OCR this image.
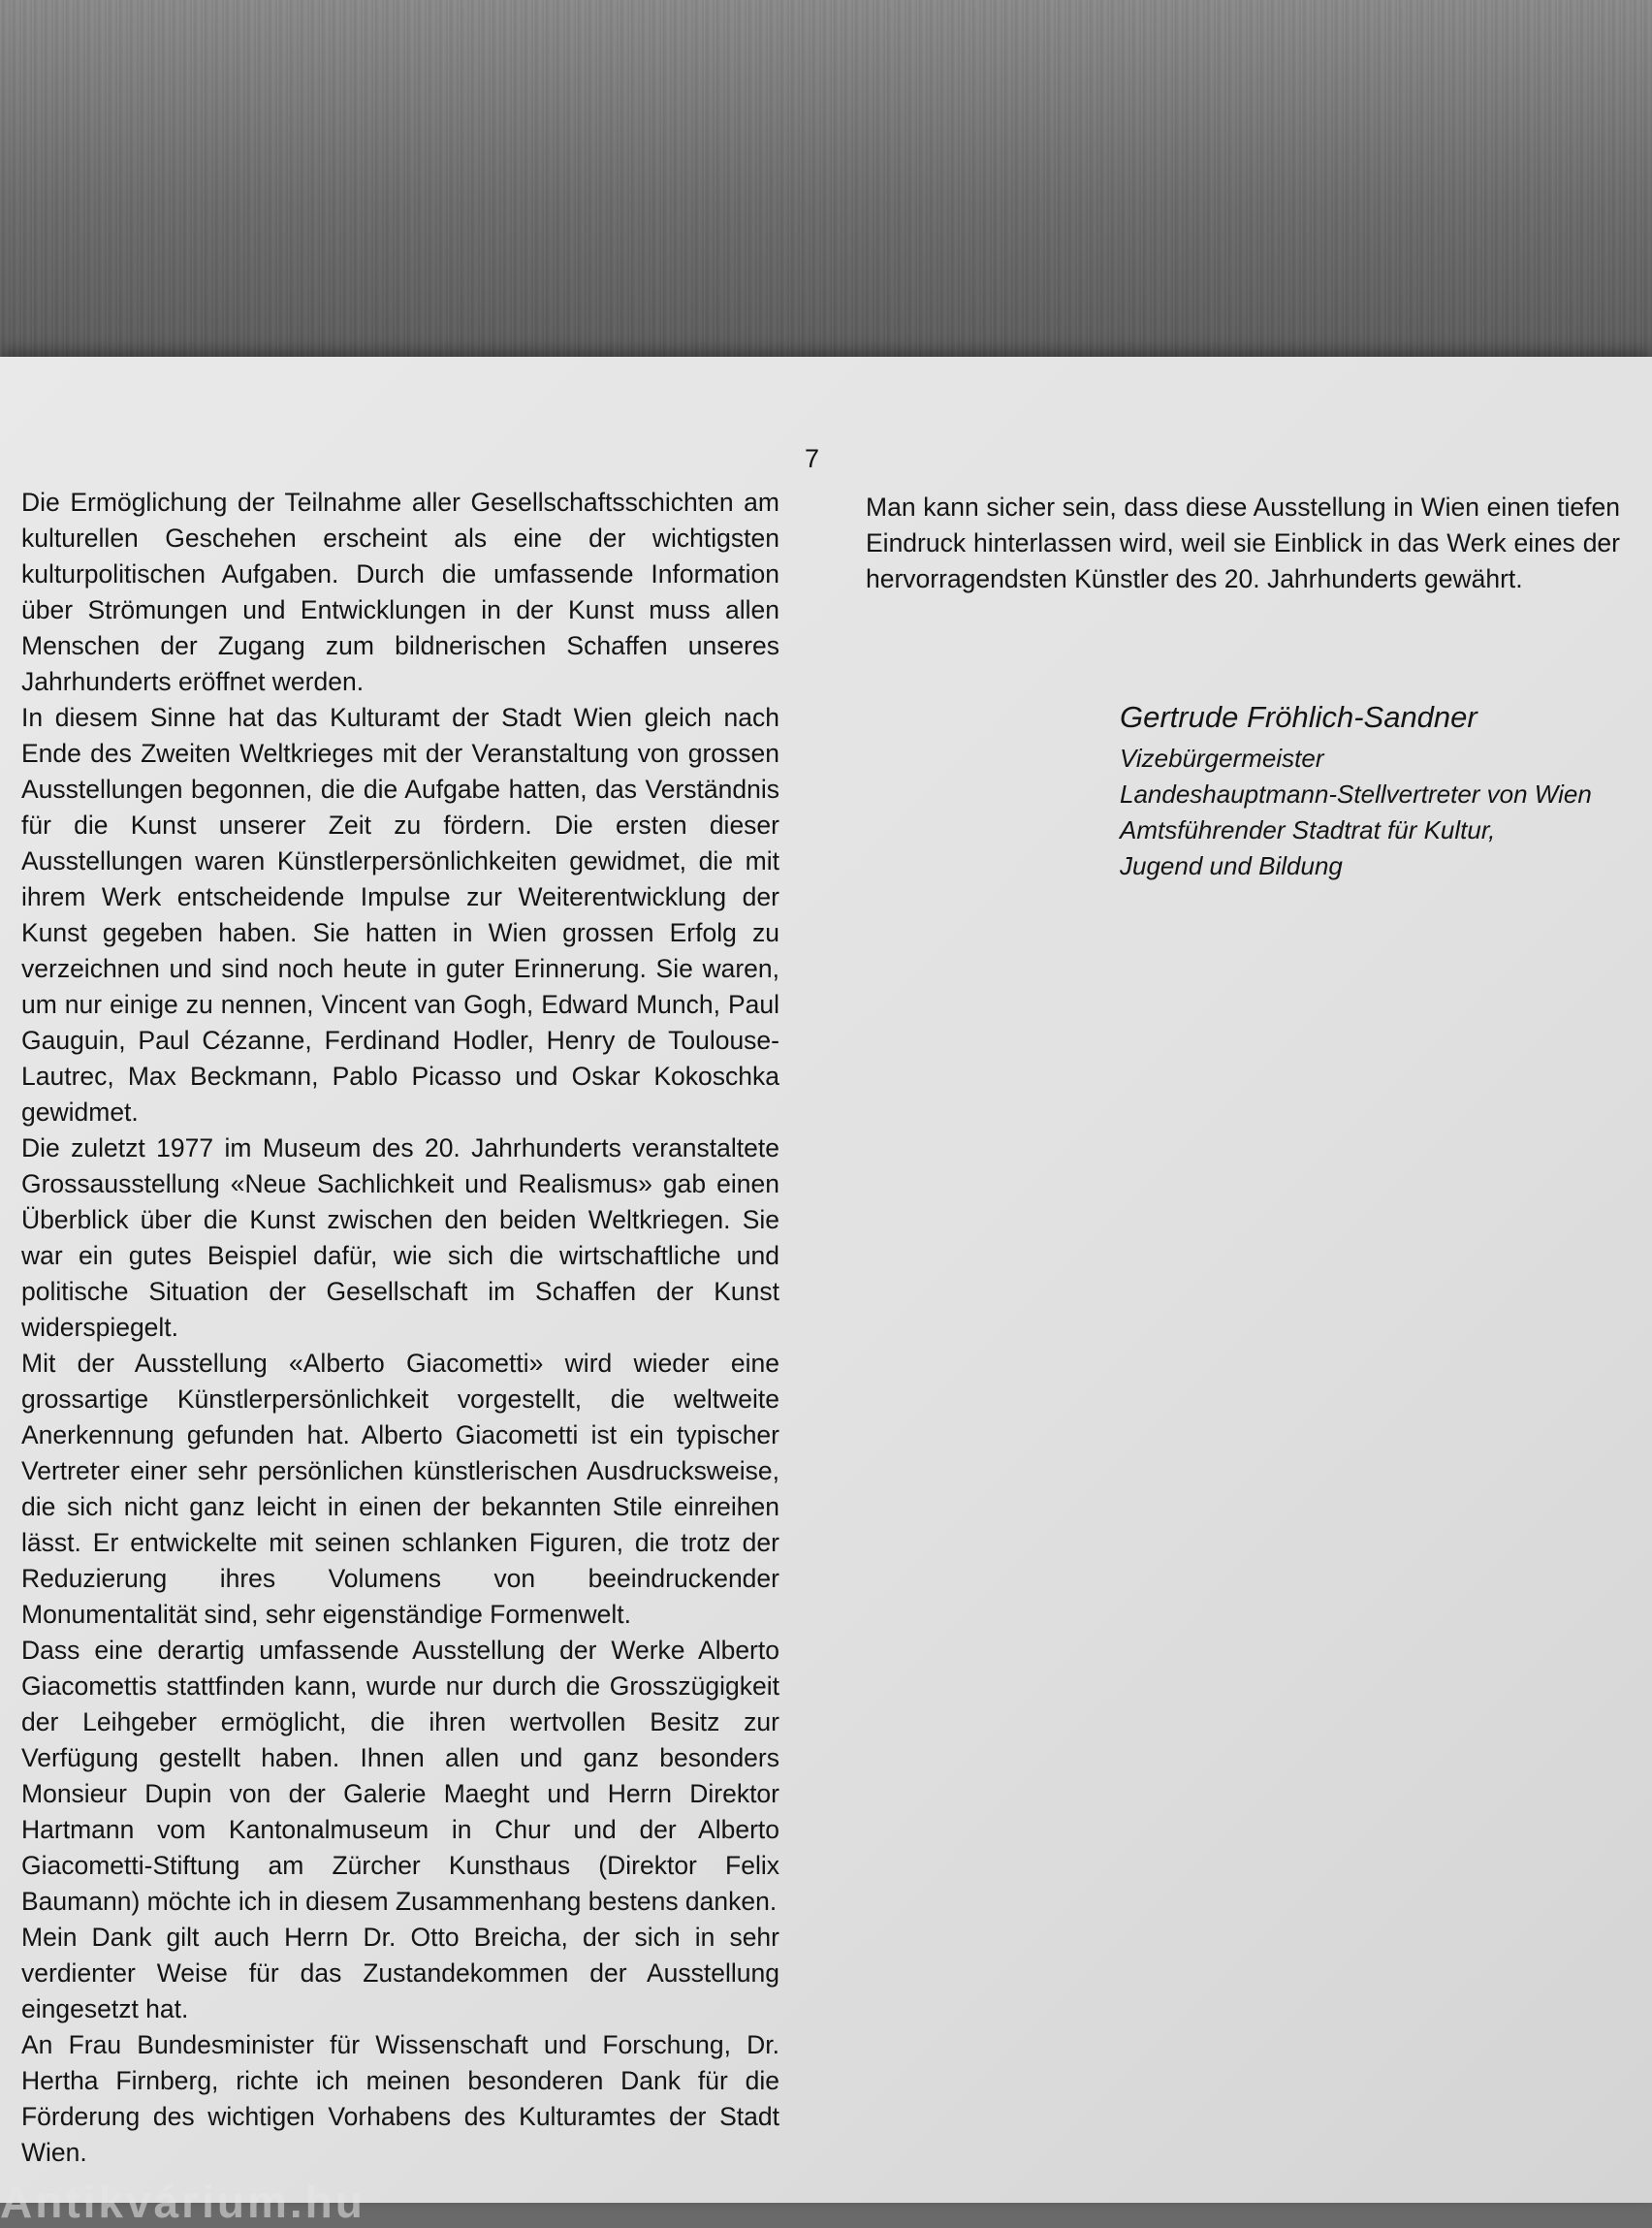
7

Die Ermöglichung der Teilnahme aller Gesellschaftsschichten am kulturellen Geschehen erscheint als eine der wichtigsten kulturpolitischen Aufgaben. Durch die umfassende Information über Strömungen und Entwicklungen in der Kunst muss allen Menschen der Zugang zum bildnerischen Schaffen unseres Jahrhunderts eröffnet werden.

In diesem Sinne hat das Kulturamt der Stadt Wien gleich nach Ende des Zweiten Weltkrieges mit der Veranstaltung von grossen Ausstellungen begonnen, die die Aufgabe hatten, das Verständnis für die Kunst unserer Zeit zu fördern. Die ersten dieser Ausstellungen waren Künstlerpersönlichkeiten gewidmet, die mit ihrem Werk entscheidende Impulse zur Weiterentwicklung der Kunst gegeben haben. Sie hatten in Wien grossen Erfolg zu verzeichnen und sind noch heute in guter Erinnerung. Sie waren, um nur einige zu nennen, Vincent van Gogh, Edward Munch, Paul Gauguin, Paul Cézanne, Ferdinand Hodler, Henry de Toulouse-Lautrec, Max Beckmann, Pablo Picasso und Oskar Kokoschka gewidmet.

Die zuletzt 1977 im Museum des 20. Jahrhunderts veranstaltete Grossausstellung «Neue Sachlichkeit und Realismus» gab einen Überblick über die Kunst zwischen den beiden Weltkriegen. Sie war ein gutes Beispiel dafür, wie sich die wirtschaftliche und politische Situation der Gesellschaft im Schaffen der Kunst widerspiegelt.

Mit der Ausstellung «Alberto Giacometti» wird wieder eine grossartige Künstlerpersönlichkeit vorgestellt, die weltweite Anerkennung gefunden hat. Alberto Giacometti ist ein typischer Vertreter einer sehr persönlichen künstlerischen Ausdrucksweise, die sich nicht ganz leicht in einen der bekannten Stile einreihen lässt. Er entwickelte mit seinen schlanken Figuren, die trotz der Reduzierung ihres Volumens von beeindruckender Monumentalität sind, sehr eigenständige Formenwelt.

Dass eine derartig umfassende Ausstellung der Werke Alberto Giacomettis stattfinden kann, wurde nur durch die Grosszügigkeit der Leihgeber ermöglicht, die ihren wertvollen Besitz zur Verfügung gestellt haben. Ihnen allen und ganz besonders Monsieur Dupin von der Galerie Maeght und Herrn Direktor Hartmann vom Kantonalmuseum in Chur und der Alberto Giacometti-Stiftung am Zürcher Kunsthaus (Direktor Felix Baumann) möchte ich in diesem Zusammenhang bestens danken.

Mein Dank gilt auch Herrn Dr. Otto Breicha, der sich in sehr verdienter Weise für das Zustandekommen der Ausstellung eingesetzt hat.

An Frau Bundesminister für Wissenschaft und Forschung, Dr. Hertha Firnberg, richte ich meinen besonderen Dank für die Förderung des wichtigen Vorhabens des Kulturamtes der Stadt Wien.

Man kann sicher sein, dass diese Ausstellung in Wien einen tiefen Eindruck hinterlassen wird, weil sie Einblick in das Werk eines der hervorragendsten Künstler des 20. Jahrhunderts gewährt.

Gertrude Fröhlich-Sandner
Vizebürgermeister
Landeshauptmann-Stellvertreter von Wien
Amtsführender Stadtrat für Kultur,
Jugend und Bildung
Antikvárium.hu
